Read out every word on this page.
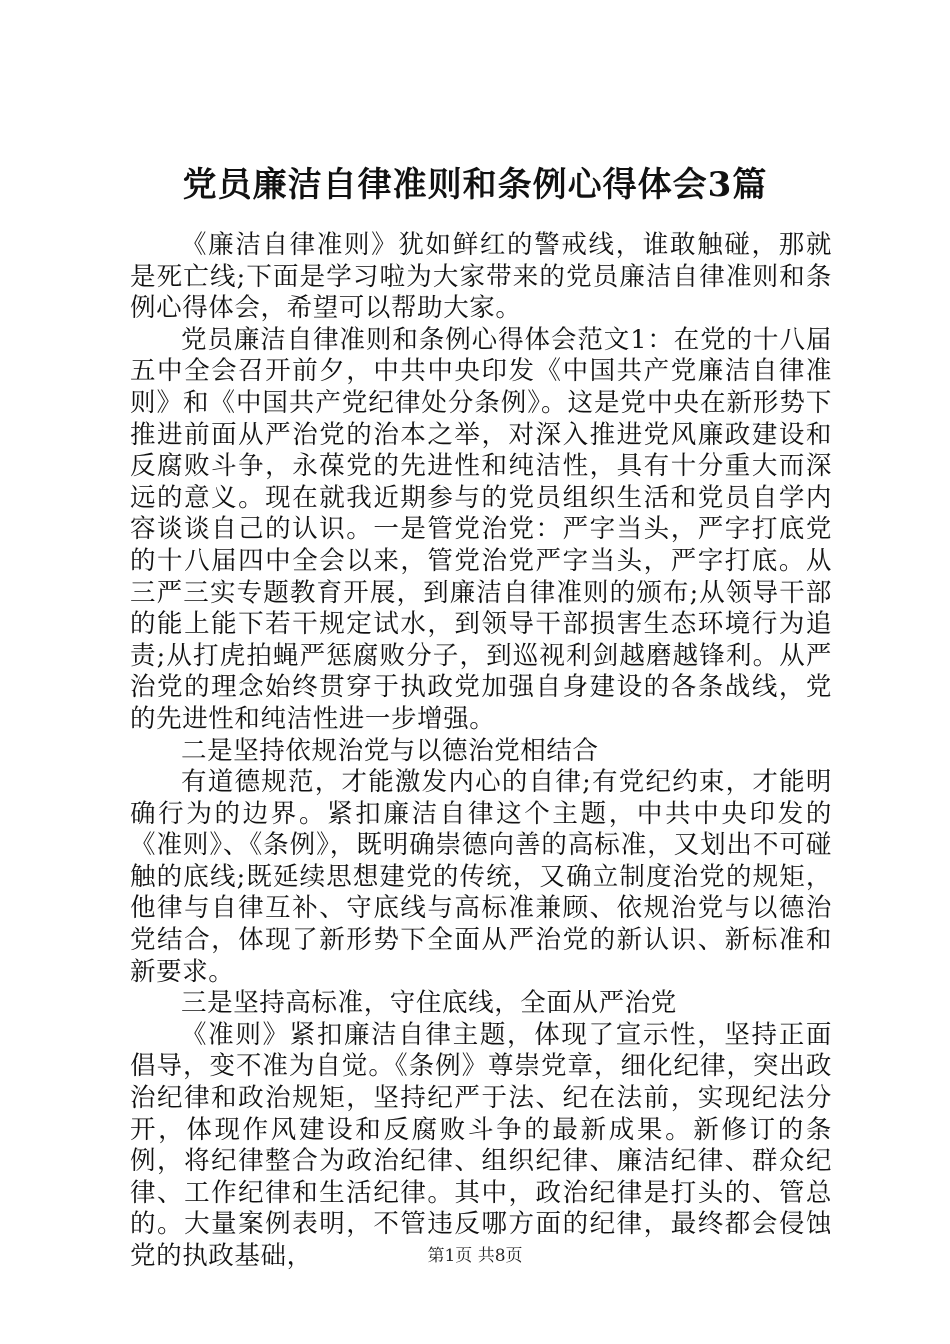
党员廉洁自律准则和条例心得体会3篇

《廉洁自律准则》犹如鲜红的警戒线，谁敢触碰，那就是死亡线;下面是学习啦为大家带来的党员廉洁自律准则和条例心得体会，希望可以帮助大家。

党员廉洁自律准则和条例心得体会范文1：在党的十八届五中全会召开前夕，中共中央印发《中国共产党廉洁自律准则》和《中国共产党纪律处分条例》。这是党中央在新形势下推进前面从严治党的治本之举，对深入推进党风廉政建设和反腐败斗争，永葆党的先进性和纯洁性，具有十分重大而深远的意义。现在就我近期参与的党员组织生活和党员自学内容谈谈自己的认识。一是管党治党：严字当头，严字打底党的十八届四中全会以来，管党治党严字当头，严字打底。从三严三实专题教育开展，到廉洁自律准则的颁布;从领导干部的能上能下若干规定试水，到领导干部损害生态环境行为追责;从打虎拍蝇严惩腐败分子，到巡视利剑越磨越锋利。从严治党的理念始终贯穿于执政党加强自身建设的各条战线，党的先进性和纯洁性进一步增强。

二是坚持依规治党与以德治党相结合

有道德规范，才能激发内心的自律;有党纪约束，才能明确行为的边界。紧扣廉洁自律这个主题，中共中央印发的《准则》、《条例》，既明确崇德向善的高标准，又划出不可碰触的底线;既延续思想建党的传统，又确立制度治党的规矩，他律与自律互补、守底线与高标准兼顾、依规治党与以德治党结合，体现了新形势下全面从严治党的新认识、新标准和新要求。

三是坚持高标准，守住底线，全面从严治党

《准则》紧扣廉洁自律主题，体现了宣示性，坚持正面倡导，变不准为自觉。《条例》尊崇党章，细化纪律，突出政治纪律和政治规矩，坚持纪严于法、纪在法前，实现纪法分开，体现作风建设和反腐败斗争的最新成果。新修订的条例，将纪律整合为政治纪律、组织纪律、廉洁纪律、群众纪律、工作纪律和生活纪律。其中，政治纪律是打头的、管总的。大量案例表明，不管违反哪方面的纪律，最终都会侵蚀党的执政基础，	第1页 共8页
